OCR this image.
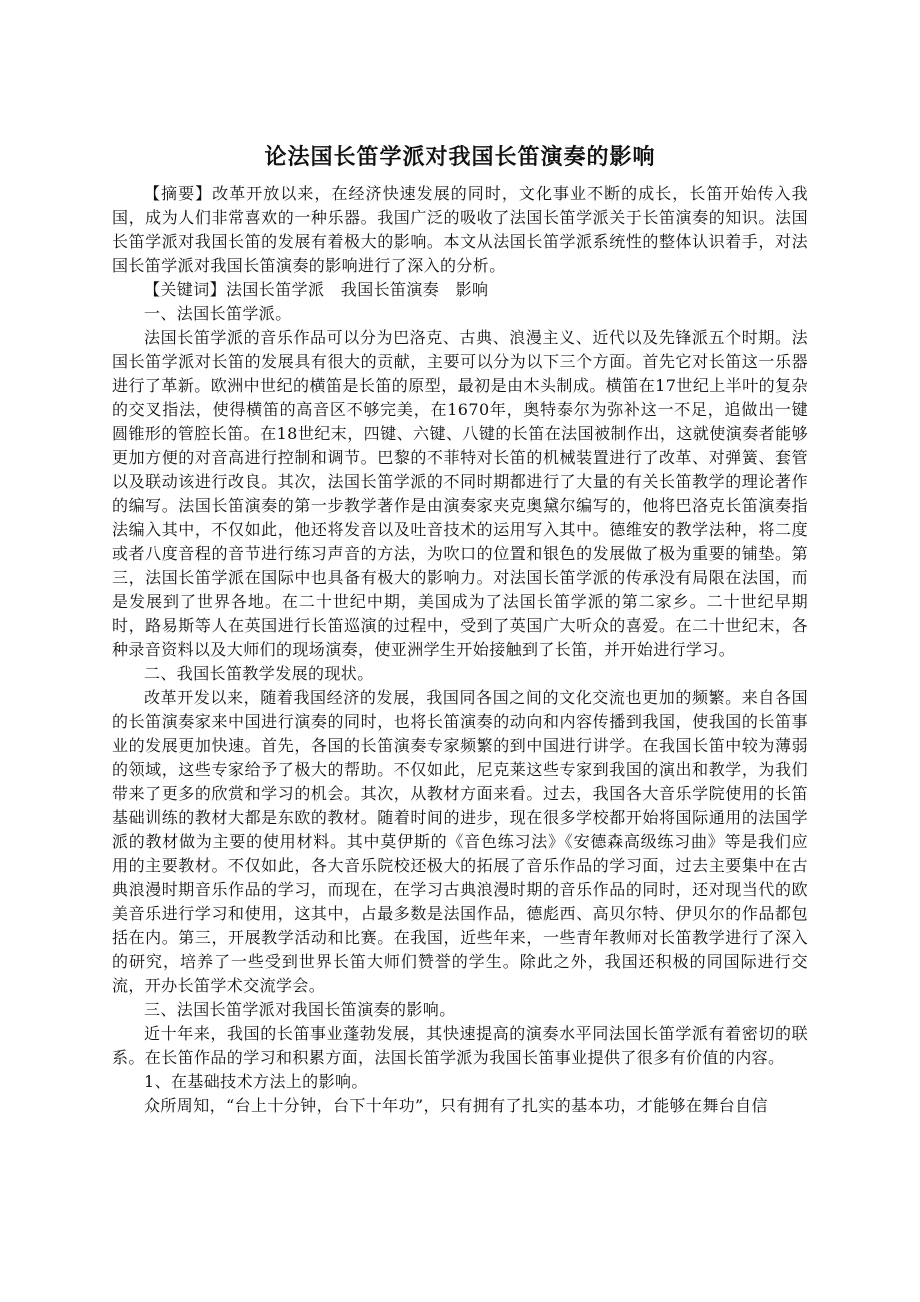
论法国长笛学派对我国长笛演奏的影响

【摘要】改革开放以来，在经济快速发展的同时，文化事业不断的成长，长笛开始传入我国，成为人们非常喜欢的一种乐器。我国广泛的吸收了法国长笛学派关于长笛演奏的知识。法国长笛学派对我国长笛的发展有着极大的影响。本文从法国长笛学派系统性的整体认识着手，对法国长笛学派对我国长笛演奏的影响进行了深入的分析。

【关键词】法国长笛学派　我国长笛演奏　影响

一、法国长笛学派。

法国长笛学派的音乐作品可以分为巴洛克、古典、浪漫主义、近代以及先锋派五个时期。法国长笛学派对长笛的发展具有很大的贡献，主要可以分为以下三个方面。首先它对长笛这一乐器进行了革新。欧洲中世纪的横笛是长笛的原型，最初是由木头制成。横笛在17世纪上半叶的复杂的交叉指法，使得横笛的高音区不够完美，在1670年，奥特泰尔为弥补这一不足，追做出一键圆锥形的管腔长笛。在18世纪末，四键、六键、八键的长笛在法国被制作出，这就使演奏者能够更加方便的对音高进行控制和调节。巴黎的不菲特对长笛的机械装置进行了改革、对弹簧、套管以及联动该进行改良。其次，法国长笛学派的不同时期都进行了大量的有关长笛教学的理论著作的编写。法国长笛演奏的第一步教学著作是由演奏家夹克奥黛尔编写的，他将巴洛克长笛演奏指法编入其中，不仅如此，他还将发音以及吐音技术的运用写入其中。德维安的教学法种，将二度或者八度音程的音节进行练习声音的方法，为吹口的位置和银色的发展做了极为重要的铺垫。第三，法国长笛学派在国际中也具备有极大的影响力。对法国长笛学派的传承没有局限在法国，而是发展到了世界各地。在二十世纪中期，美国成为了法国长笛学派的第二家乡。二十世纪早期时，路易斯等人在英国进行长笛巡演的过程中，受到了英国广大听众的喜爱。在二十世纪末，各种录音资料以及大师们的现场演奏，使亚洲学生开始接触到了长笛，并开始进行学习。

二、我国长笛教学发展的现状。

改革开发以来，随着我国经济的发展，我国同各国之间的文化交流也更加的频繁。来自各国的长笛演奏家来中国进行演奏的同时，也将长笛演奏的动向和内容传播到我国，使我国的长笛事业的发展更加快速。首先，各国的长笛演奏专家频繁的到中国进行讲学。在我国长笛中较为薄弱的领域，这些专家给予了极大的帮助。不仅如此，尼克莱这些专家到我国的演出和教学，为我们带来了更多的欣赏和学习的机会。其次，从教材方面来看。过去，我国各大音乐学院使用的长笛基础训练的教材大都是东欧的教材。随着时间的进步，现在很多学校都开始将国际通用的法国学派的教材做为主要的使用材料。其中莫伊斯的《音色练习法》《安德森高级练习曲》等是我们应用的主要教材。不仅如此，各大音乐院校还极大的拓展了音乐作品的学习面，过去主要集中在古典浪漫时期音乐作品的学习，而现在，在学习古典浪漫时期的音乐作品的同时，还对现当代的欧美音乐进行学习和使用，这其中，占最多数是法国作品，德彪西、高贝尔特、伊贝尔的作品都包括在内。第三，开展教学活动和比赛。在我国，近些年来，一些青年教师对长笛教学进行了深入的研究，培养了一些受到世界长笛大师们赞誉的学生。除此之外，我国还积极的同国际进行交流，开办长笛学术交流学会。

三、法国长笛学派对我国长笛演奏的影响。

近十年来，我国的长笛事业蓬勃发展，其快速提高的演奏水平同法国长笛学派有着密切的联系。在长笛作品的学习和积累方面，法国长笛学派为我国长笛事业提供了很多有价值的内容。

1、在基础技术方法上的影响。

众所周知，“台上十分钟，台下十年功”，只有拥有了扎实的基本功，才能够在舞台自信
